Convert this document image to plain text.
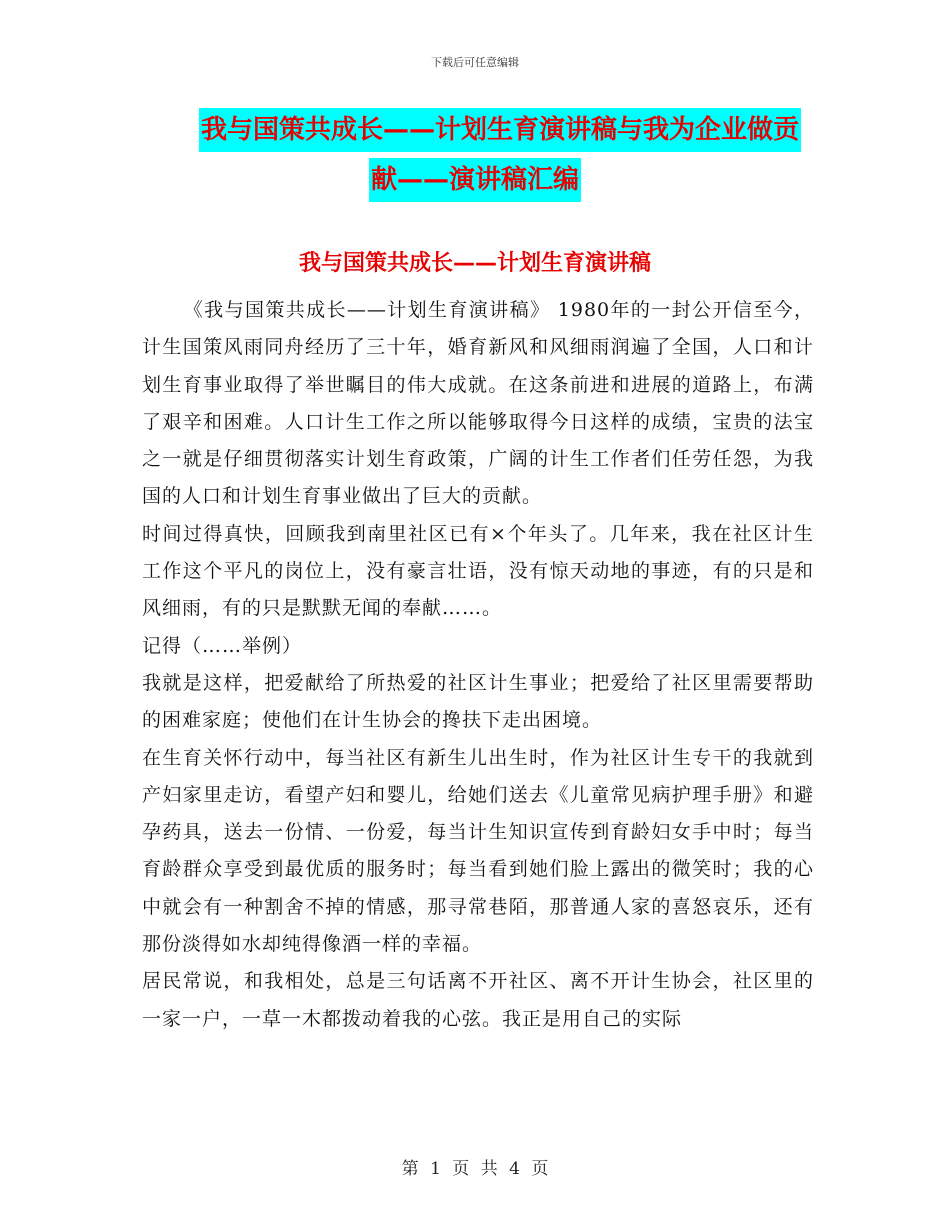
下载后可任意编辑
我与国策共成长——计划生育演讲稿与我为企业做贡
献——演讲稿汇编
我与国策共成长——计划生育演讲稿

《我与国策共成长——计划生育演讲稿》 1980年的一封公开信至今，计生国策风雨同舟经历了三十年，婚育新风和风细雨润遍了全国，人口和计划生育事业取得了举世瞩目的伟大成就。在这条前进和进展的道路上，布满了艰辛和困难。人口计生工作之所以能够取得今日这样的成绩，宝贵的法宝之一就是仔细贯彻落实计划生育政策，广阔的计生工作者们任劳任怨，为我国的人口和计划生育事业做出了巨大的贡献。

时间过得真快，回顾我到南里社区已有×个年头了。几年来，我在社区计生工作这个平凡的岗位上，没有豪言壮语，没有惊天动地的事迹，有的只是和风细雨，有的只是默默无闻的奉献……。

记得（……举例）

我就是这样，把爱献给了所热爱的社区计生事业；把爱给了社区里需要帮助的困难家庭；使他们在计生协会的搀扶下走出困境。

在生育关怀行动中，每当社区有新生儿出生时，作为社区计生专干的我就到产妇家里走访，看望产妇和婴儿，给她们送去《儿童常见病护理手册》和避孕药具，送去一份情、一份爱，每当计生知识宣传到育龄妇女手中时；每当育龄群众享受到最优质的服务时；每当看到她们脸上露出的微笑时；我的心中就会有一种割舍不掉的情感，那寻常巷陌，那普通人家的喜怒哀乐，还有那份淡得如水却纯得像酒一样的幸福。

居民常说，和我相处，总是三句话离不开社区、离不开计生协会，社区里的一家一户，一草一木都拨动着我的心弦。我正是用自己的实际

第 1 页 共 4 页
